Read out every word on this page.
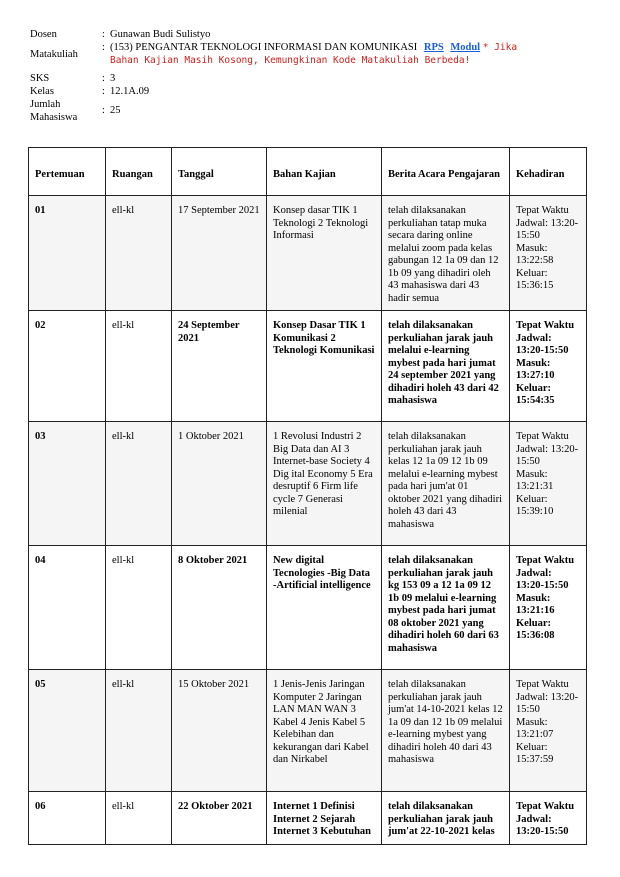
Dosen	: Gunawan Budi Sulistyo
Matakuliah
: (153) PENGANTAR TEKNOLOGI INFORMASI DAN KOMUNIKASI RPS Modul * Jika
Bahan Kajian Masih Kosong, Kemungkinan Kode Matakuliah Berbeda!
SKS	: 3
Kelas	: 12.1A.09
Jumlah
Mahasiswa
: 25
Pertemuan	Ruangan	Tanggal	Bahan Kajian	Berita Acara Pengajaran	Kehadiran
01	ell-kl	17 September 2021	Konsep dasar TIK 1 Teknologi 2 Teknologi Informasi	telah dilaksanakan perkuliahan tatap muka secara daring online melalui zoom pada kelas gabungan 12 1a 09 dan 12 1b 09 yang dihadiri oleh 43 mahasiswa dari 43 hadir semua	Tepat Waktu
Jadwal: 13:20-15:50
Masuk: 13:22:58
Keluar: 15:36:15

02	ell-kl	24 September 2021	Konsep Dasar TIK 1 Komunikasi 2 Teknologi Komunikasi	telah dilaksanakan perkuliahan jarak jauh melalui e-learning mybest pada hari jumat 24 september 2021 yang dihadiri holeh 43 dari 42 mahasiswa	Tepat Waktu
Jadwal: 13:20-15:50
Masuk: 13:27:10
Keluar: 15:54:35

03	ell-kl	1 Oktober 2021	1 Revolusi Industri 2 Big Data dan AI 3 Internet-base Society 4 Dig ital Economy 5 Era desruptif 6 Firm life cycle 7 Generasi milenial	telah dilaksanakan perkuliahan jarak jauh kelas 12 1a 09 12 1b 09 melalui e-learning mybest pada hari jum'at 01 oktober 2021 yang dihadiri holeh 43 dari 43 mahasiswa	Tepat Waktu
Jadwal: 13:20-15:50
Masuk: 13:21:31
Keluar: 15:39:10

04	ell-kl	8 Oktober 2021	New digital Tecnologies -Big Data -Artificial intelligence	telah dilaksanakan perkuliahan jarak jauh kg 153 09 a 12 1a 09 12 1b 09 melalui e-learning mybest pada hari jumat 08 oktober 2021 yang dihadiri holeh 60 dari 63 mahasiswa	Tepat Waktu
Jadwal: 13:20-15:50
Masuk: 13:21:16
Keluar: 15:36:08

05	ell-kl	15 Oktober 2021	1 Jenis-Jenis Jaringan Komputer 2 Jaringan LAN MAN WAN 3 Kabel 4 Jenis Kabel 5 Kelebihan dan kekurangan dari Kabel dan Nirkabel	telah dilaksanakan perkuliahan jarak jauh jum'at 14-10-2021 kelas 12 1a 09 dan 12 1b 09 melalui e-learning mybest yang dihadiri holeh 40 dari 43 mahasiswa	Tepat Waktu
Jadwal: 13:20-15:50
Masuk: 13:21:07
Keluar: 15:37:59

06	ell-kl	22 Oktober 2021	Internet 1 Definisi Internet 2 Sejarah Internet 3 Kebutuhan	telah dilaksanakan perkuliahan jarak jauh jum'at 22-10-2021 kelas	Tepat Waktu
Jadwal: 13:20-15:50
